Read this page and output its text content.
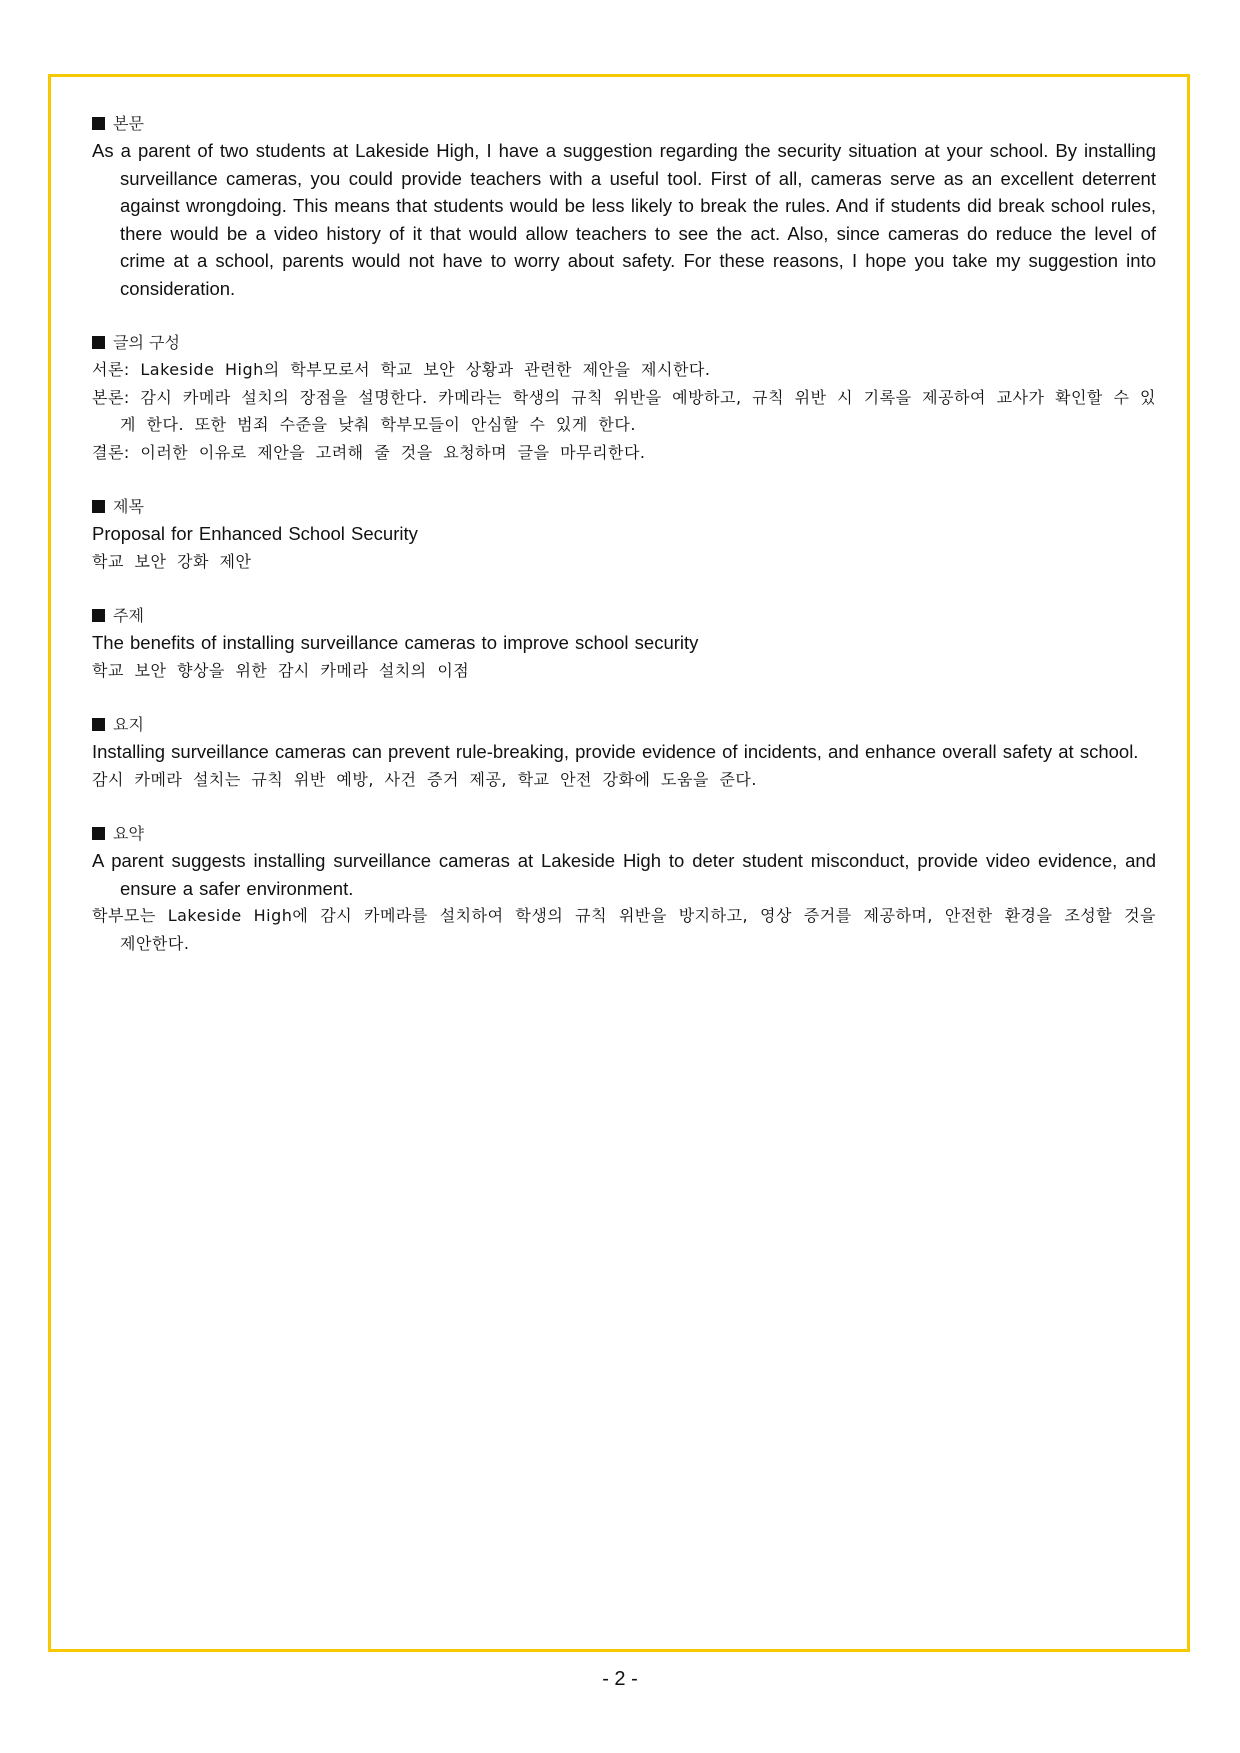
본문

As a parent of two students at Lakeside High, I have a suggestion regarding the security situation at your school. By installing surveillance cameras, you could provide teachers with a useful tool. First of all, cameras serve as an excellent deterrent against wrongdoing. This means that students would be less likely to break the rules. And if students did break school rules, there would be a video history of it that would allow teachers to see the act. Also, since cameras do reduce the level of crime at a school, parents would not have to worry about safety. For these reasons, I hope you take my suggestion into consideration.

글의 구성

서론: Lakeside High의 학부모로서 학교 보안 상황과 관련한 제안을 제시한다.

본론: 감시 카메라 설치의 장점을 설명한다. 카메라는 학생의 규칙 위반을 예방하고, 규칙 위반 시 기록을 제공하여 교사가 확인할 수 있게 한다. 또한 범죄 수준을 낮춰 학부모들이 안심할 수 있게 한다.

결론: 이러한 이유로 제안을 고려해 줄 것을 요청하며 글을 마무리한다.

제목

Proposal for Enhanced School Security

학교 보안 강화 제안

주제

The benefits of installing surveillance cameras to improve school security

학교 보안 향상을 위한 감시 카메라 설치의 이점

요지

Installing surveillance cameras can prevent rule-breaking, provide evidence of incidents, and enhance overall safety at school.

감시 카메라 설치는 규칙 위반 예방, 사건 증거 제공, 학교 안전 강화에 도움을 준다.

요약

A parent suggests installing surveillance cameras at Lakeside High to deter student misconduct, provide video evidence, and ensure a safer environment.

학부모는 Lakeside High에 감시 카메라를 설치하여 학생의 규칙 위반을 방지하고, 영상 증거를 제공하며, 안전한 환경을 조성할 것을 제안한다.

- 2 -
